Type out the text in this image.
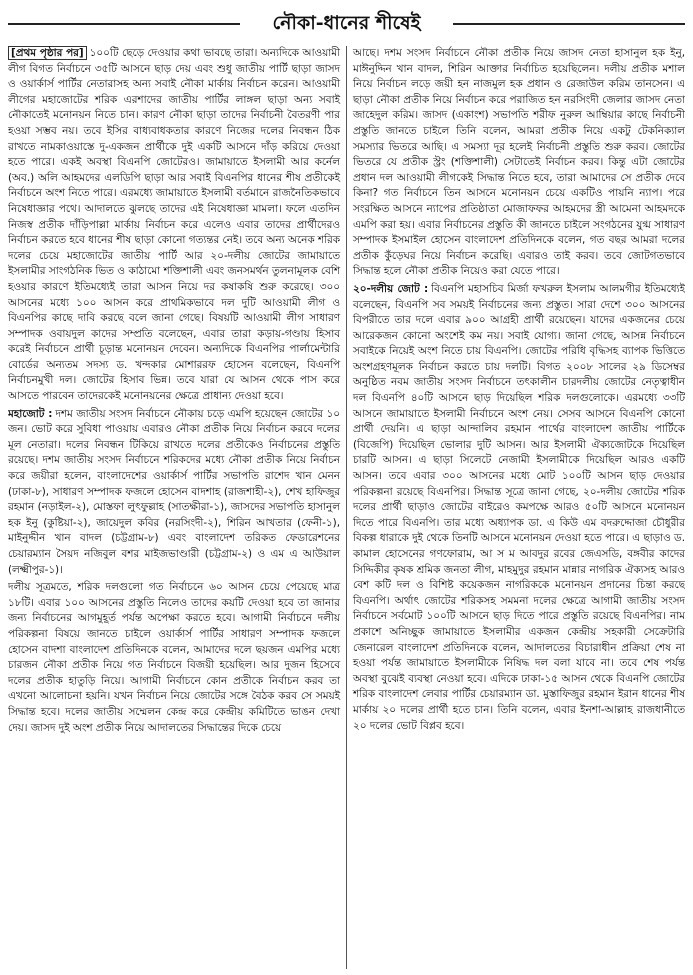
নৌকা-ধানের শীষেই

[প্রথম পৃষ্ঠার পর] ১০০টি ছেড়ে দেওয়ার কথা ভাবছে তারা। অন্যদিকে আওয়ামী লীগ বিগত নির্বাচনে ৩৫টি আসনে ছাড় দেয় এবং শুধু জাতীয় পার্টি ছাড়া জাসদ ও ওয়ার্কার্স পার্টির নেতারাসহ অন্য সবাই নৌকা মার্কায় নির্বাচন করেন। আওয়ামী লীগের মহাজোটের শরিক এরশাদের জাতীয় পার্টির লাঙ্গল ছাড়া অন্য সবাই নৌকাতেই মনোনয়ন নিতে চান। কারণ নৌকা ছাড়া তাদের নির্বাচনী বৈতরণী পার হওয়া সম্ভব নয়। তবে ইসির বাধ্যবাধকতার কারণে নিজের দলের নিবন্ধন ঠিক রাখতে নামকাওয়াস্তে দু-একজন প্রার্থীকে দুই একটি আসনে দাঁড় করিয়ে দেওয়া হতে পারে। একই অবস্থা বিএনপি জোটেরও। জামায়াতে ইসলামী আর কর্নেল (অব.) অলি আহমদের এলডিপি ছাড়া আর সবাই বিএনপির ধানের শীষ প্রতীকেই নির্বাচনে অংশ নিতে পারে। এরমধ্যে জামায়াতে ইসলামী বর্তমানে রাজনৈতিকভাবে নিষেধাজ্ঞার পথে। আদালতে ঝুলছে তাদের এই নিষেধাজ্ঞা মামলা। ফলে এতদিন নিজস্ব প্রতীক দাঁড়িপাল্লা মার্কায় নির্বাচন করে এলেও এবার তাদের প্রার্থীদেরও নির্বাচন করতে হবে ধানের শীষ ছাড়া কোনো গত্যন্তর নেই। তবে অন্য অনেক শরিক দলের চেয়ে মহাজোটের জাতীয় পার্টি আর ২০-দলীয় জোটের জামায়াতে ইসলামীর সাংগঠনিক ভিত ও কাঠামো শক্তিশালী এবং জনসমর্থন তুলনামূলক বেশি হওয়ার কারণে ইতিমধ্যেই তারা আসন নিয়ে দর কষাকষি শুরু করেছে। ৩০০ আসনের মধ্যে ১০০ আসন করে প্রাথমিকভাবে দল দুটি আওয়ামী লীগ ও বিএনপির কাছে দাবি করছে বলে জানা গেছে। বিষয়টি আওয়ামী লীগ সাধারণ সম্পাদক ওবায়দুল কাদের সম্প্রতি বলেছেন, এবার তারা কড়ায়-গণ্ডায় হিসাব করেই নির্বাচনে প্রার্থী চূড়ান্ত মনোনয়ন দেবেন। অন্যদিকে বিএনপির পার্লামেন্টারি বোর্ডের অন্যতম সদস্য ড. খন্দকার মোশাররফ হোসেন বলেছেন, বিএনপি নির্বাচনমুখী দল। জোটের হিসাব ভিন্ন। তবে যারা যে আসন থেকে পাস করে আসতে পারবেন তাদেরকেই মনোনয়নের ক্ষেত্রে প্রাধান্য দেওয়া হবে।

মহাজোট : দশম জাতীয় সংসদ নির্বাচনে নৌকায় চড়ে এমপি হয়েছেন জোটের ১০ জন। ভোট করে সুবিধা পাওয়ায় এবারও নৌকা প্রতীক নিয়ে নির্বাচন করবে দলের মূল নেতারা। দলের নিবন্ধন টিকিয়ে রাখতে দলের প্রতীকেও নির্বাচনের প্রস্তুতি রয়েছে। দশম জাতীয় সংসদ নির্বাচনে শরিকদের মধ্যে নৌকা প্রতীক নিয়ে নির্বাচন করে জয়ীরা হলেন, বাংলাদেশের ওয়ার্কার্স পার্টির সভাপতি রাশেদ খান মেনন (ঢাকা-৮), সাধারণ সম্পাদক ফজলে হোসেন বাদশাহ (রাজশাহী-২), শেখ হাফিজুর রহমান (নড়াইল-২), মোস্তফা লুৎফুল্লাহ (সাতক্ষীরা-১), জাসদের সভাপতি হাসানুল হক ইনু (কুষ্টিয়া-২), জায়েদুল কবির (নরসিংদী-২), শিরিন আখতার (ফেনী-১), মাইনুদ্দীন খান বাদল (চট্টগ্রাম-৮) এবং বাংলাদেশ তরিকত ফেডারেশনের চেয়ারম্যান সৈয়দ নজিবুল বশর মাইজভাণ্ডারী (চট্টগ্রাম-২) ও এম এ আউয়াল (লক্ষ্মীপুর-১)।

দলীয় সূত্রমতে, শরিক দলগুলো গত নির্বাচনে ৬০ আসন চেয়ে পেয়েছে মাত্র ১৮টি। এবার ১০০ আসনের প্রস্তুতি নিলেও তাদের কয়টি দেওয়া হবে তা জানার জন্য নির্বাচনের আগমুহূর্ত পর্যন্ত অপেক্ষা করতে হবে। আগামী নির্বাচনে দলীয় পরিকল্পনা বিষয়ে জানতে চাইলে ওয়ার্কার্স পার্টির সাধারণ সম্পাদক ফজলে হোসেন বাদশা বাংলাদেশ প্রতিদিনকে বলেন, আমাদের দলে ছয়জন এমপির মধ্যে চারজন নৌকা প্রতীক নিয়ে গত নির্বাচনে বিজয়ী হয়েছিল। আর দুজন হিসেবে দলের প্রতীক হাতুড়ি নিয়ে। আগামী নির্বাচনে কোন প্রতীকে নির্বাচন করব তা এখনো আলোচনা হয়নি। যখন নির্বাচন নিয়ে জোটের সঙ্গে বৈঠক করব সে সময়ই সিদ্ধান্ত হবে। দলের জাতীয় সম্মেলন কেন্দ্র করে কেন্দ্রীয় কমিটিতে ভাঙন দেখা দেয়। জাসদ দুই অংশ প্রতীক নিয়ে আদালতের সিদ্ধান্তের দিকে চেয়ে

আছে। দশম সংসদ নির্বাচনে নৌকা প্রতীক নিয়ে জাসদ নেতা হাসানুল হক ইনু, মাঈনুদ্দিন খান বাদল, শিরিন আক্তার নির্বাচিত হয়েছিলেন। দলীয় প্রতীক মশাল নিয়ে নির্বাচন লড়ে জয়ী হন নাজমুল হক প্রধান ও রেজাউল করিম তানসেন। এ ছাড়া নৌকা প্রতীক নিয়ে নির্বাচন করে পরাজিত হন নরসিংদী জেলার জাসদ নেতা জাহেদুল করিম। জাসদ (একাংশ) সভাপতি শরীফ নুরুল আম্বিয়ার কাছে নির্বাচনী প্রস্তুতি জানতে চাইলে তিনি বলেন, আমরা প্রতীক নিয়ে একটু টেকনিক্যাল সমস্যার ভিতরে আছি। এ সমস্যা দূর হলেই নির্বাচনী প্রস্তুতি শুরু করব। জোটের ভিতরে যে প্রতীক স্ট্রং (শক্তিশালী) সেটাতেই নির্বাচন করব। কিন্তু এটা জোটের প্রধান দল আওয়ামী লীগকেই সিদ্ধান্ত নিতে হবে, তারা আমাদের সে প্রতীক দেবে কিনা? গত নির্বাচনে তিন আসনে মনোনয়ন চেয়ে একটিও পায়নি ন্যাপ। পরে সংরক্ষিত আসনে ন্যাপের প্রতিষ্ঠাতা মোজাফফর আহমদের স্ত্রী আমেনা আহমদকে এমপি করা হয়। এবার নির্বাচনের প্রস্তুতি কী জানতে চাইলে সংগঠনের যুগ্ম সাধারণ সম্পাদক ইসমাইল হোসেন বাংলাদেশ প্রতিদিনকে বলেন, গত বছর আমরা দলের প্রতীক কুঁড়েঘর নিয়ে নির্বাচন করেছি। এবারও তাই করব। তবে জোটগতভাবে সিদ্ধান্ত হলে নৌকা প্রতীক নিয়েও করা যেতে পারে।

২০-দলীয় জোট : বিএনপি মহাসচিব মির্জা ফখরুল ইসলাম আলমগীর ইতিমধ্যেই বলেছেন, বিএনপি সব সময়ই নির্বাচনের জন্য প্রস্তুত। সারা দেশে ৩০০ আসনের বিপরীতে তার দলে এবার ৯০০ আগ্রহী প্রার্থী রয়েছেন। যাদের একজনের চেয়ে আরেকজন কোনো অংশেই কম নয়। সবাই যোগ্য। জানা গেছে, আসন্ন নির্বাচনে সবাইকে নিয়েই অংশ নিতে চায় বিএনপি। জোটের পরিধি বৃদ্ধিসহ ব্যাপক ভিত্তিতে অংশগ্রহণমূলক নির্বাচন করতে চায় দলটি। বিগত ২০০৮ সালের ২৯ ডিসেম্বর অনুষ্ঠিত নবম জাতীয় সংসদ নির্বাচনে তৎকালীন চারদলীয় জোটের নেতৃত্বাধীন দল বিএনপি ৪০টি আসনে ছাড় দিয়েছিল শরিক দলগুলোকে। এরমধ্যে ৩৩টি আসনে জামায়াতে ইসলামী নির্বাচনে অংশ নেয়। সেসব আসনে বিএনপি কোনো প্রার্থী দেয়নি। এ ছাড়া আন্দালিব রহমান পার্থের বাংলাদেশ জাতীয় পার্টিকে (বিজেপি) দিয়েছিল ভোলার দুটি আসন। আর ইসলামী ঐক্যজোটকে দিয়েছিল চারটি আসন। এ ছাড়া সিলেটে নেজামী ইসলামীকে দিয়েছিল আরও একটি আসন। তবে এবার ৩০০ আসনের মধ্যে মোট ১০০টি আসন ছাড় দেওয়ার পরিকল্পনা রয়েছে বিএনপির। সিদ্ধান্ত সূত্রে জানা গেছে, ২০-দলীয় জোটের শরিক দলের প্রার্থী ছাড়াও জোটের বাইরেও কমপক্ষে আরও ৫০টি আসনে মনোনয়ন দিতে পারে বিএনপি। তার মধ্যে অধ্যাপক ডা. এ কিউ এম বদরুদ্দোজা চৌধুরীর বিকল্প ধারাকে দুই থেকে তিনটি আসনে মনোনয়ন দেওয়া হতে পারে। এ ছাড়াও ড. কামাল হোসেনের গণফোরাম, আ স ম আবদুর রবের জেএসডি, বঙ্গবীর কাদের সিদ্দিকীর কৃষক শ্রমিক জনতা লীগ, মাহমুদুর রহমান মান্নার নাগরিক ঐক্যসহ আরও বেশ কটি দল ও বিশিষ্ট কয়েকজন নাগরিককে মনোনয়ন প্রদানের চিন্তা করছে বিএনপি। অর্থাৎ জোটের শরিকসহ সমমনা দলের ক্ষেত্রে আগামী জাতীয় সংসদ নির্বাচনে সর্বমোট ১০০টি আসনে ছাড় দিতে পারে প্রস্তুতি রয়েছে বিএনপির। নাম প্রকাশে অনিচ্ছুক জামায়াতে ইসলামীর একজন কেন্দ্রীয় সহকারী সেক্রেটারি জেনারেল বাংলাদেশ প্রতিদিনকে বলেন, আদালতের বিচারাধীন প্রক্রিয়া শেষ না হওয়া পর্যন্ত জামায়াতে ইসলামীকে নিষিদ্ধ দল বলা যাবে না। তবে শেষ পর্যন্ত অবস্থা বুঝেই ব্যবস্থা নেওয়া হবে। এদিকে ঢাকা-১৫ আসন থেকে বিএনপি জোটের শরিক বাংলাদেশ লেবার পার্টির চেয়ারম্যান ডা. মুস্তাফিজুর রহমান ইরান ধানের শীষ মার্কায় ২০ দলের প্রার্থী হতে চান। তিনি বলেন, এবার ইনশা-আল্লাহ রাজধানীতে ২০ দলের ভোট বিপ্লব হবে।
